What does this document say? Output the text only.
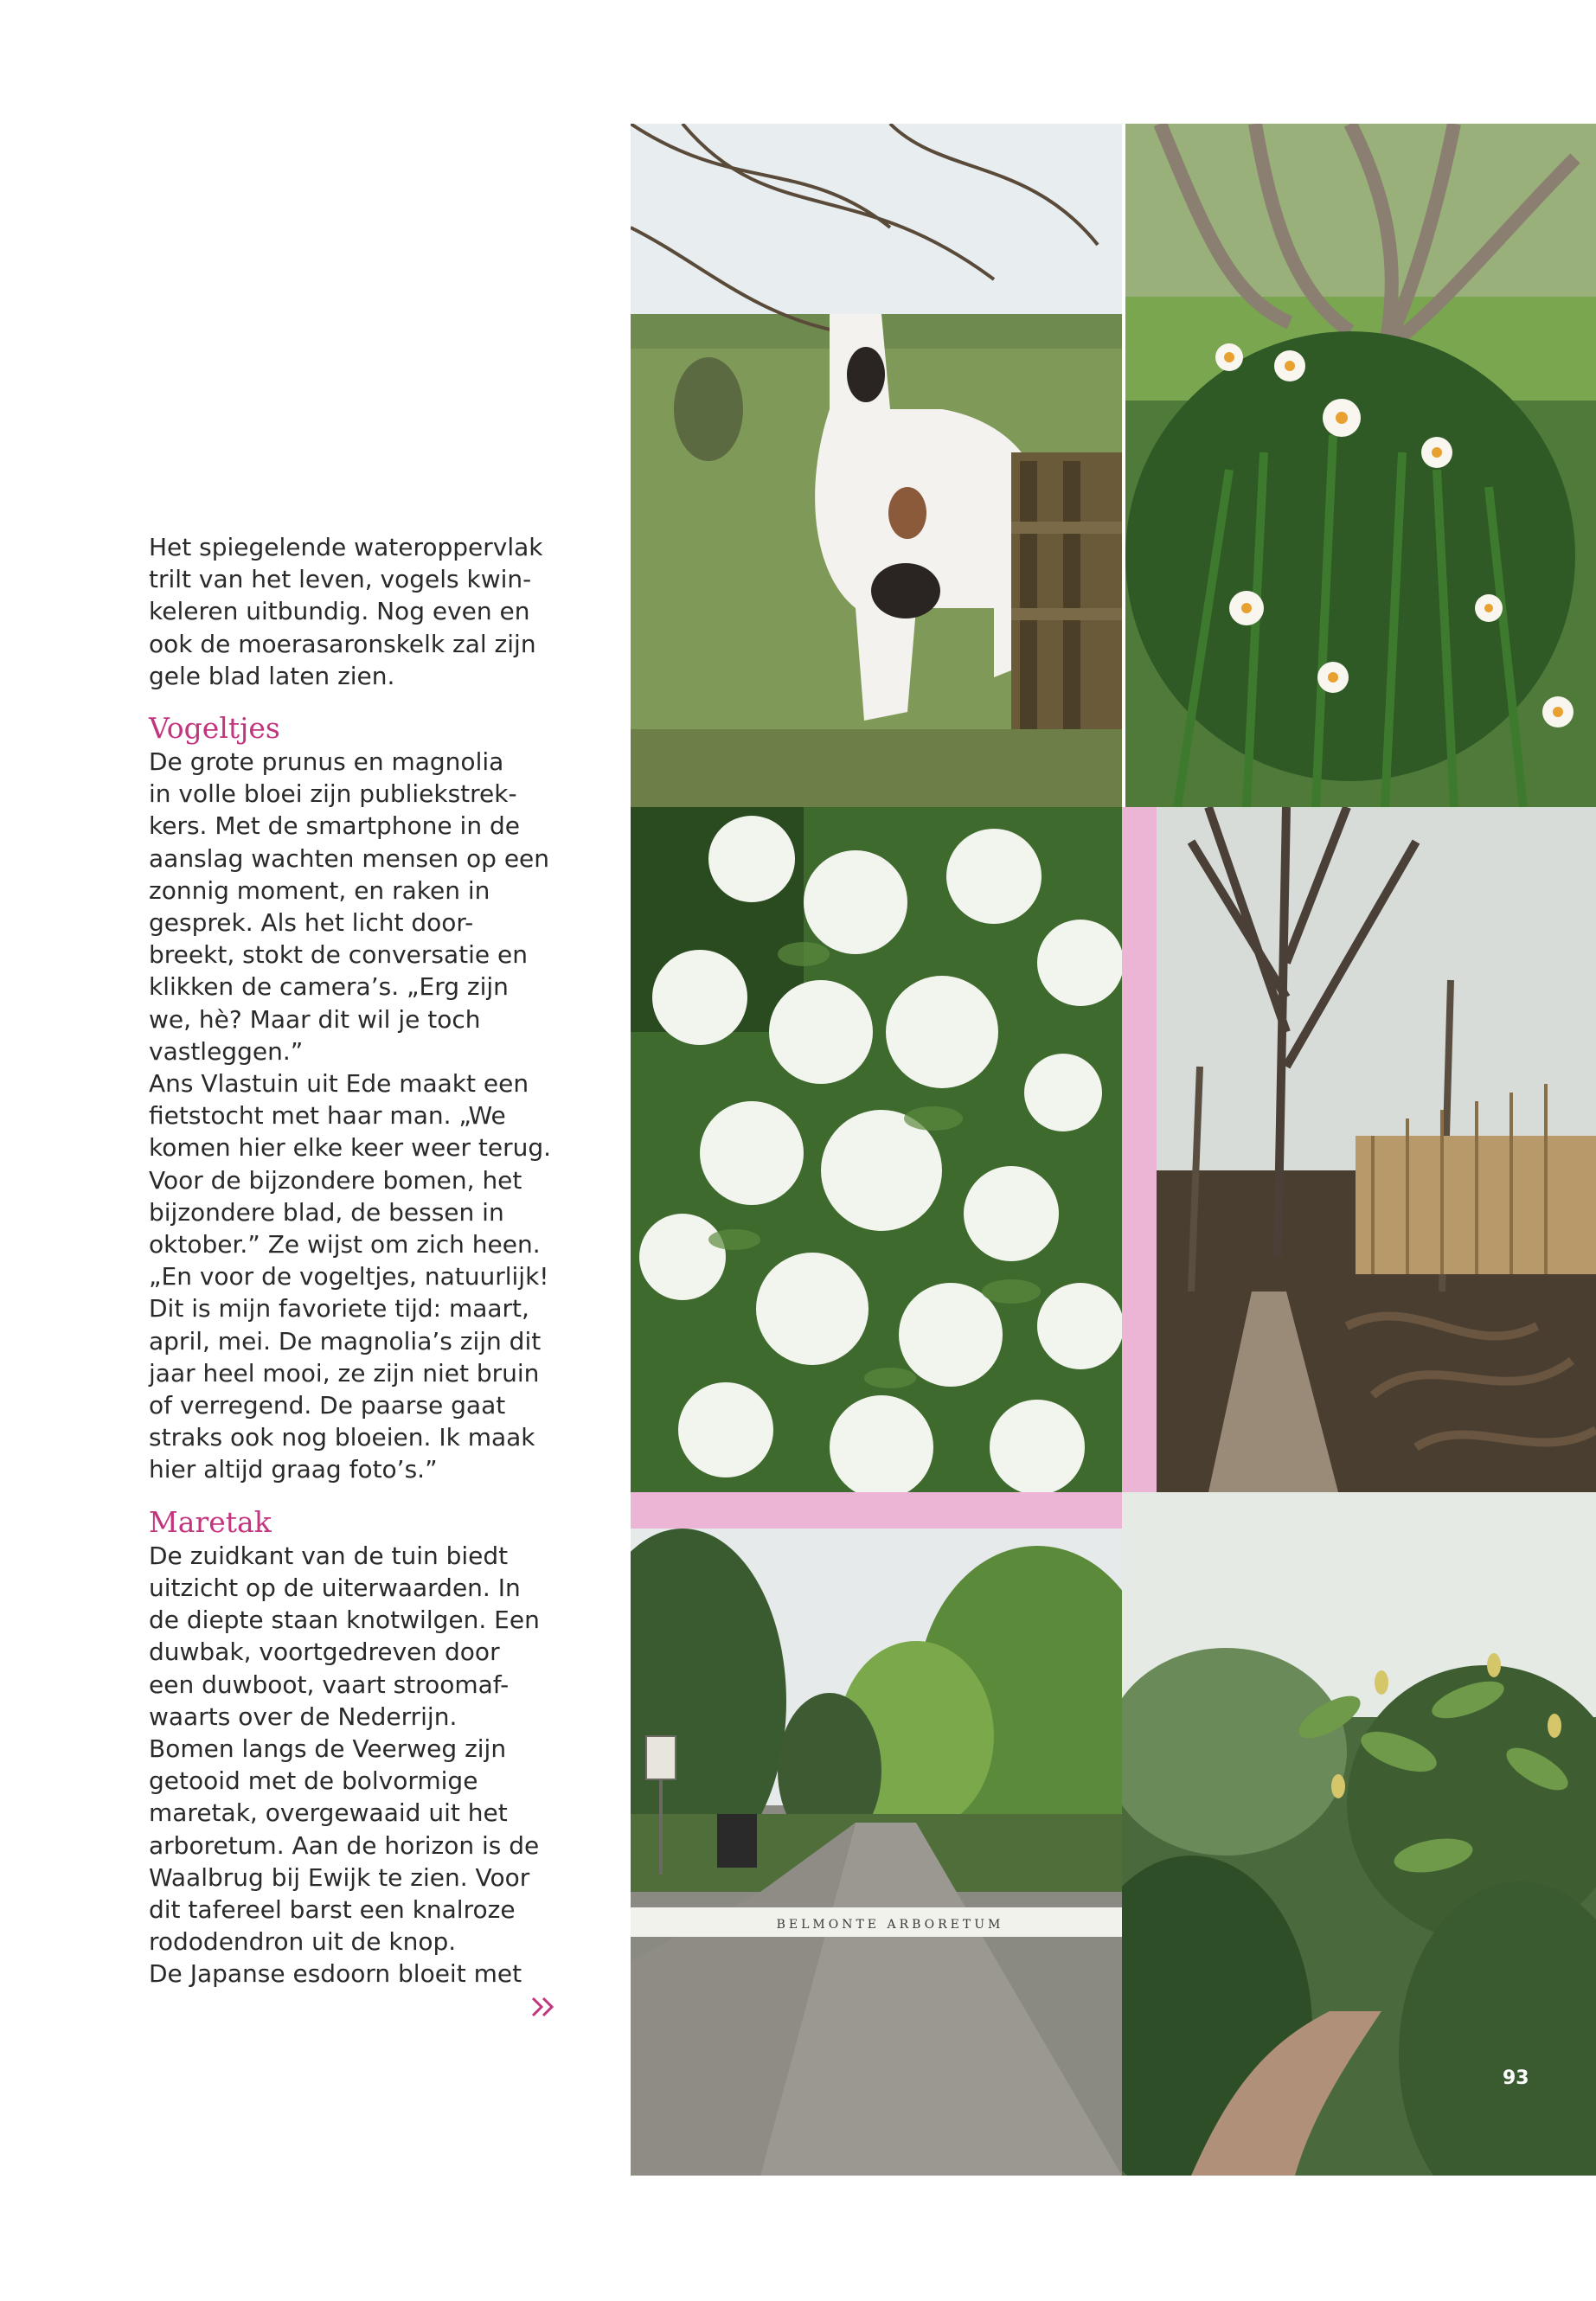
Het spiegelende wateroppervlak
trilt van het leven, vogels kwin-
keleren uitbundig. Nog even en
ook de moerasaronskelk zal zijn
gele blad laten zien.

Vogeltjes

De grote prunus en magnolia
in volle bloei zijn publiekstrek-
kers. Met de smartphone in de
aanslag wachten mensen op een
zonnig moment, en raken in
gesprek. Als het licht door-
breekt, stokt de conversatie en
klikken de camera’s. „Erg zijn
we, hè? Maar dit wil je toch
vastleggen.”
Ans Vlastuin uit Ede maakt een
fietstocht met haar man. „We
komen hier elke keer weer terug.
Voor de bijzondere bomen, het
bijzondere blad, de bessen in
oktober.” Ze wijst om zich heen.
„En voor de vogeltjes, natuurlijk!
Dit is mijn favoriete tijd: maart,
april, mei. De magnolia’s zijn dit
jaar heel mooi, ze zijn niet bruin
of verregend. De paarse gaat
straks ook nog bloeien. Ik maak
hier altijd graag foto’s.”

Maretak

De zuidkant van de tuin biedt
uitzicht op de uiterwaarden. In
de diepte staan knotwilgen. Een
duwbak, voortgedreven door
een duwboot, vaart stroomaf-
waarts over de Nederrijn.
Bomen langs de Veerweg zijn
getooid met de bolvormige
maretak, overgewaaid uit het
arboretum. Aan de horizon is de
Waalbrug bij Ewijk te zien. Voor
dit tafereel barst een knalroze
rododendron uit de knop.

De Japanse esdoorn bloeit met

BELMONTE ARBORETUM
93
